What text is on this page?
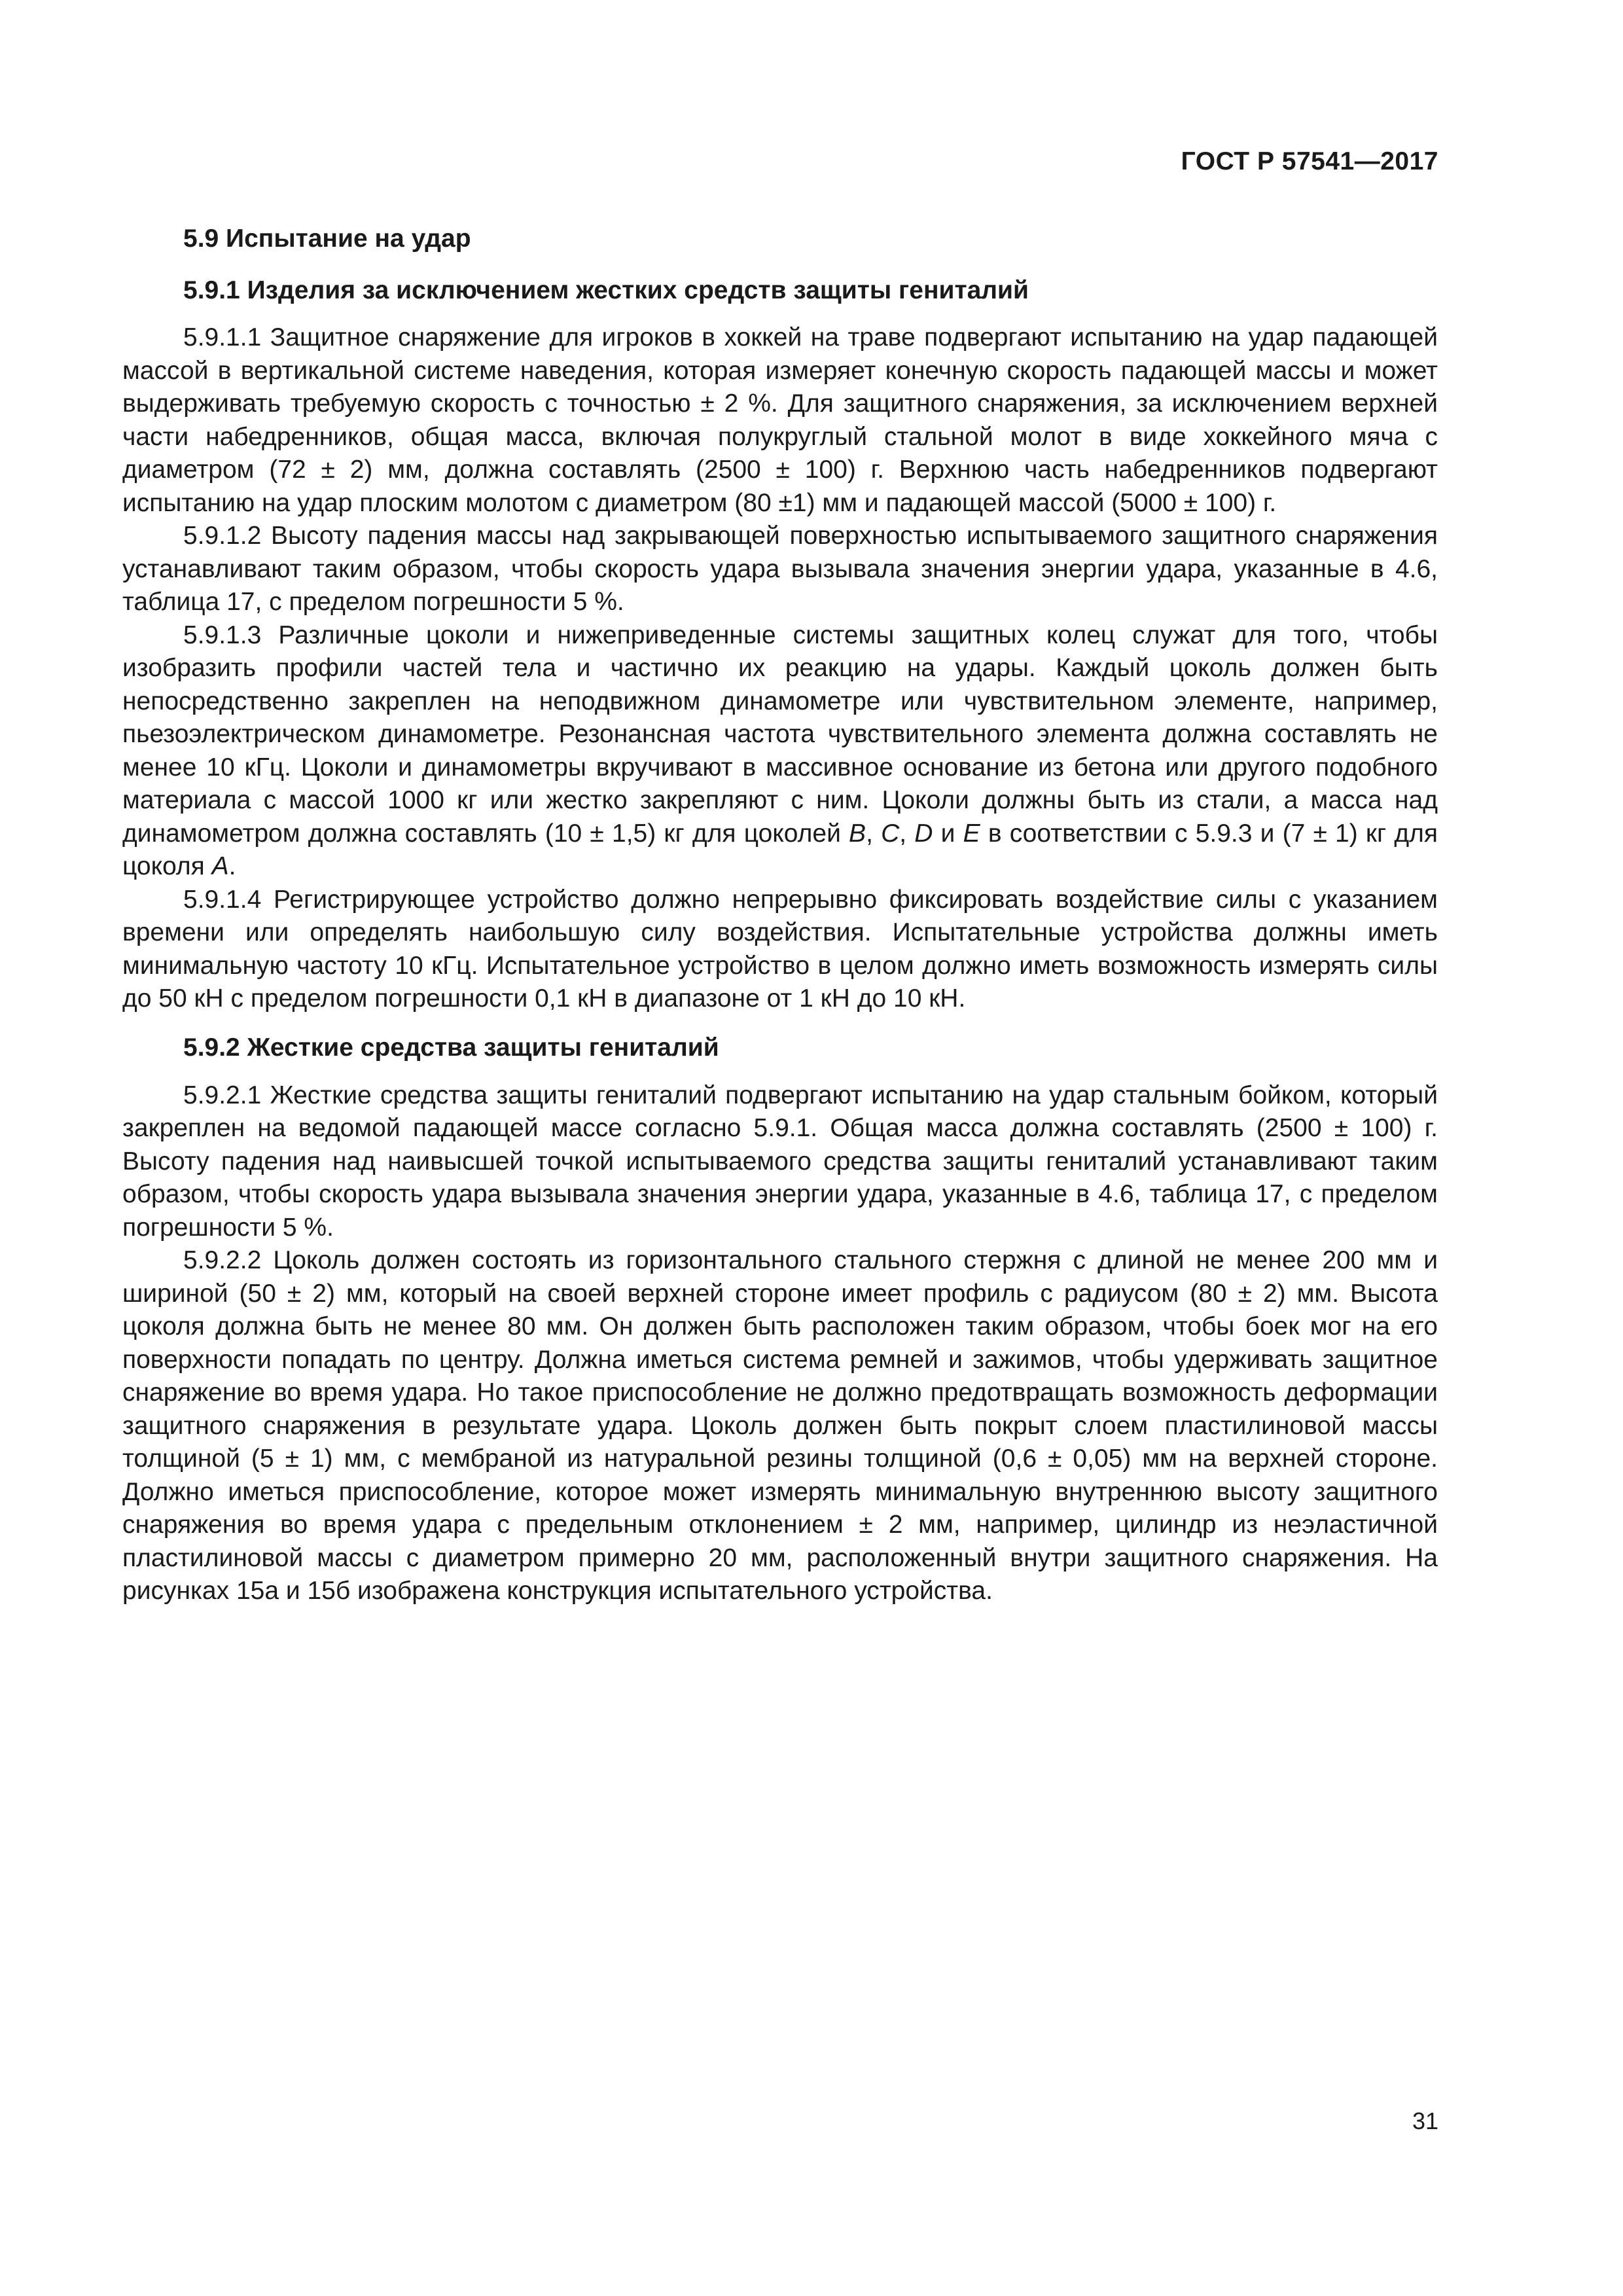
ГОСТ Р 57541—2017
5.9 Испытание на удар
5.9.1 Изделия за исключением жестких средств защиты гениталий

5.9.1.1 Защитное снаряжение для игроков в хоккей на траве подвергают испытанию на удар падающей массой в вертикальной системе наведения, которая измеряет конечную скорость падающей массы и может выдерживать требуемую скорость с точностью ± 2 %. Для защитного снаряжения, за исключением верхней части набедренников, общая масса, включая полукруглый стальной молот в виде хоккейного мяча с диаметром (72 ± 2) мм, должна составлять (2500 ± 100) г. Верхнюю часть набедренников подвергают испытанию на удар плоским молотом с диаметром (80 ±1) мм и падающей массой (5000 ± 100) г.

5.9.1.2 Высоту падения массы над закрывающей поверхностью испытываемого защитного снаряжения устанавливают таким образом, чтобы скорость удара вызывала значения энергии удара, указанные в 4.6, таблица 17, с пределом погрешности 5 %.

5.9.1.3 Различные цоколи и нижеприведенные системы защитных колец служат для того, чтобы изобразить профили частей тела и частично их реакцию на удары. Каждый цоколь должен быть непосредственно закреплен на неподвижном динамометре или чувствительном элементе, например, пьезоэлектрическом динамометре. Резонансная частота чувствительного элемента должна составлять не менее 10 кГц. Цоколи и динамометры вкручивают в массивное основание из бетона или другого подобного материала с массой 1000 кг или жестко закрепляют с ним. Цоколи должны быть из стали, а масса над динамометром должна составлять (10 ± 1,5) кг для цоколей B, C, D и E в соответствии с 5.9.3 и (7 ± 1) кг для цоколя A.

5.9.1.4 Регистрирующее устройство должно непрерывно фиксировать воздействие силы с указанием времени или определять наибольшую силу воздействия. Испытательные устройства должны иметь минимальную частоту 10 кГц. Испытательное устройство в целом должно иметь возможность измерять силы до 50 кН с пределом погрешности 0,1 кН в диапазоне от 1 кН до 10 кН.

5.9.2 Жесткие средства защиты гениталий

5.9.2.1 Жесткие средства защиты гениталий подвергают испытанию на удар стальным бойком, который закреплен на ведомой падающей массе согласно 5.9.1. Общая масса должна составлять (2500 ± 100) г. Высоту падения над наивысшей точкой испытываемого средства защиты гениталий устанавливают таким образом, чтобы скорость удара вызывала значения энергии удара, указанные в 4.6, таблица 17, с пределом погрешности 5 %.

5.9.2.2 Цоколь должен состоять из горизонтального стального стержня с длиной не менее 200 мм и шириной (50 ± 2) мм, который на своей верхней стороне имеет профиль с радиусом (80 ± 2) мм. Высота цоколя должна быть не менее 80 мм. Он должен быть расположен таким образом, чтобы боек мог на его поверхности попадать по центру. Должна иметься система ремней и зажимов, чтобы удерживать защитное снаряжение во время удара. Но такое приспособление не должно предотвращать возможность деформации защитного снаряжения в результате удара. Цоколь должен быть покрыт слоем пластилиновой массы толщиной (5 ± 1) мм, с мембраной из натуральной резины толщиной (0,6 ± 0,05) мм на верхней стороне. Должно иметься приспособление, которое может измерять минимальную внутреннюю высоту защитного снаряжения во время удара с предельным отклонением ± 2 мм, например, цилиндр из неэластичной пластилиновой массы с диаметром примерно 20 мм, расположенный внутри защитного снаряжения. На рисунках 15а и 15б изображена конструкция испытательного устройства.

31
